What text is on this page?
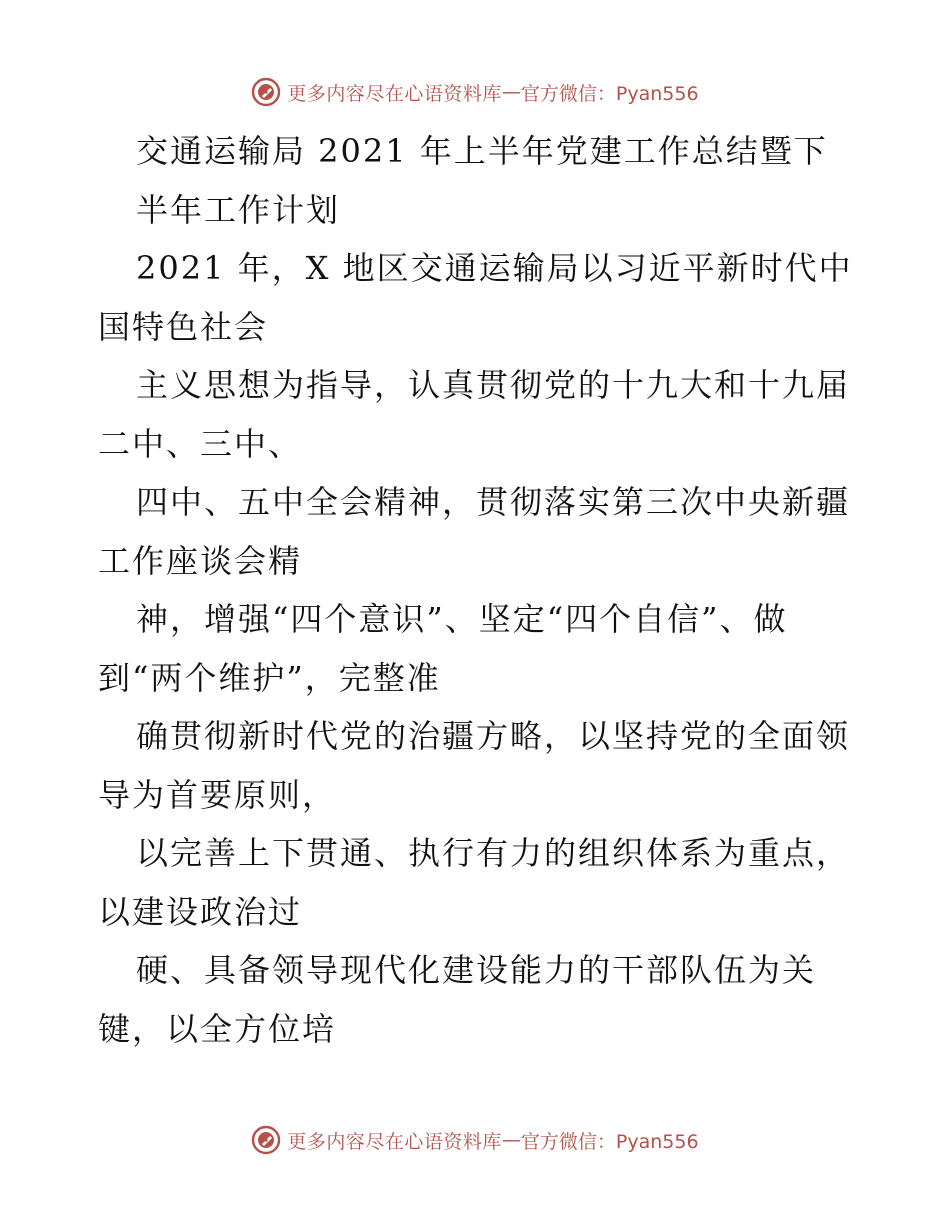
更多内容尽在心语资料库 — 官方微信：Pyan556
交通运输局 2021 年上半年党建工作总结暨下
半年工作计划
2021 年，X 地区交通运输局以习近平新时代中
国特色社会
主义思想为指导，认真贯彻党的十九大和十九届
二中、三中、
四中、五中全会精神，贯彻落实第三次中央新疆
工作座谈会精
神，增强“四个意识”、坚定“四个自信”、做
到“两个维护”，完整准
确贯彻新时代党的治疆方略，以坚持党的全面领
导为首要原则，
以完善上下贯通、执行有力的组织体系为重点，
以建设政治过
硬、具备领导现代化建设能力的干部队伍为关
键，以全方位培
更多内容尽在心语资料库 — 官方微信：Pyan556
